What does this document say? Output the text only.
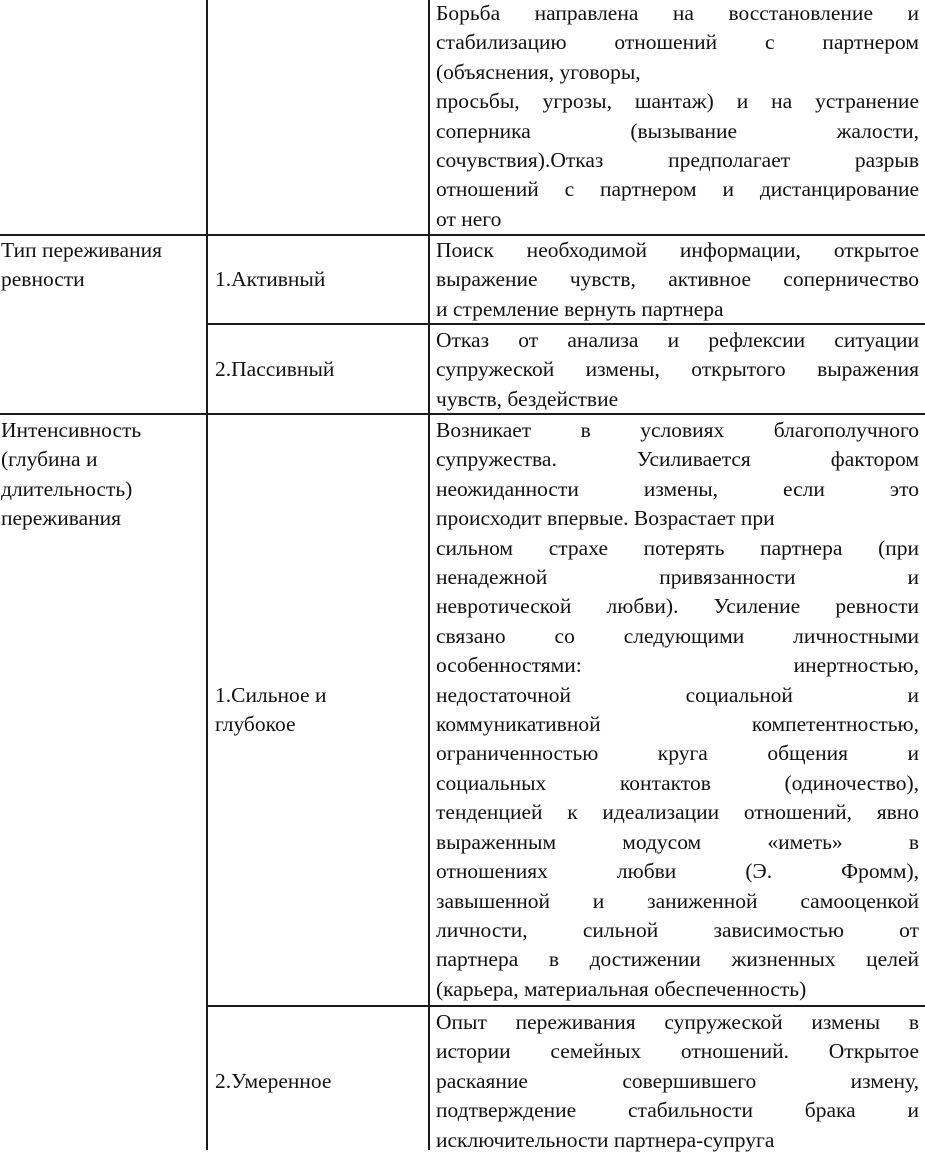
Борьба направлена на восстановление и
стабилизацию отношений с партнером
(объяснения, уговоры,
просьбы, угрозы, шантаж) и на устранение
соперника (вызывание жалости,
сочувствия).Отказ предполагает разрыв
отношений с партнером и дистанцирование
от него
Тип переживания
ревности	1.Активный
Поиск необходимой информации, открытое
выражение чувств, активное соперничество
и стремление вернуть партнера
2.Пассивный
Отказ от анализа и рефлексии ситуации
супружеской измены, открытого выражения
чувств, бездействие
Интенсивность
(глубина и
длительность)
переживания
1.Сильное и
глубокое
Возникает в условиях благополучного
супружества. Усиливается фактором
неожиданности измены, если это
происходит впервые. Возрастает при
сильном страхе потерять партнера (при
ненадежной привязанности и
невротической любви). Усиление ревности
связано со следующими личностными
особенностями: инертностью,
недостаточной социальной и
коммуникативной компетентностью,
ограниченностью круга общения и
социальных контактов (одиночество),
тенденцией к идеализации отношений, явно
выраженным модусом «иметь» в
отношениях любви (Э. Фромм),
завышенной и заниженной самооценкой
личности, сильной зависимостью от
партнера в достижении жизненных целей
(карьера, материальная обеспеченность)
2.Умеренное
Опыт переживания супружеской измены в
истории семейных отношений. Открытое
раскаяние совершившего измену,
подтверждение стабильности брака и
исключительности партнера-супруга
